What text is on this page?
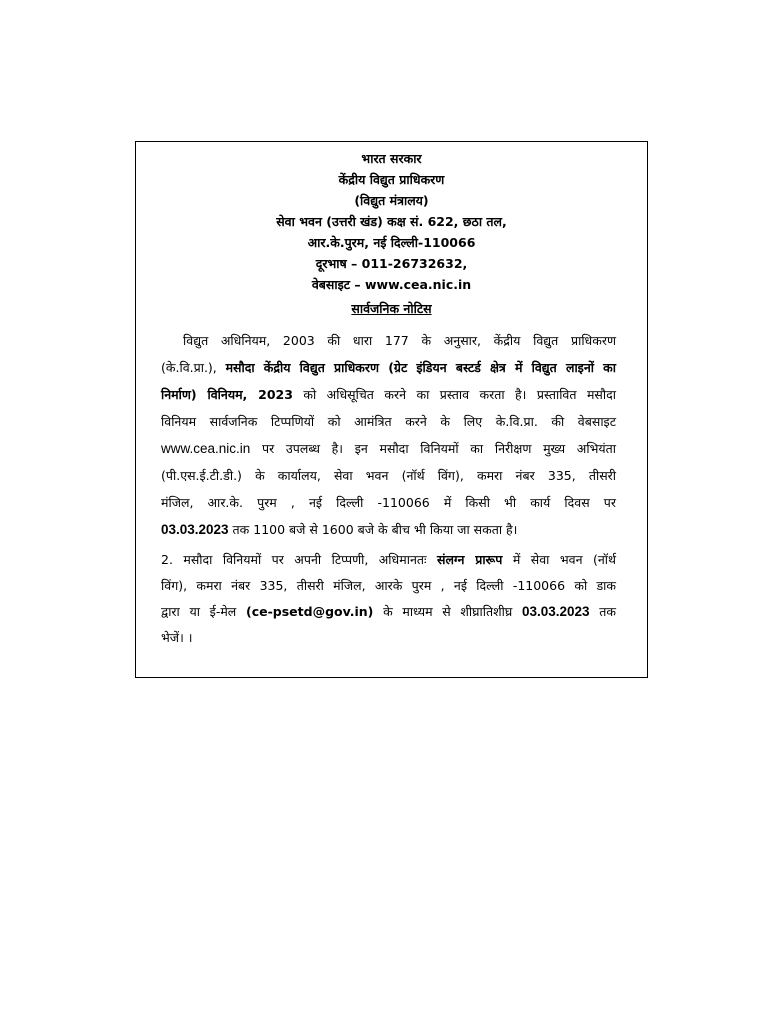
भारत सरकार
केंद्रीय विद्युत प्राधिकरण
(विद्युत मंत्रालय)
सेवा भवन (उत्तरी खंड) कक्ष सं. 622, छठा तल,
आर.के.पुरम, नई दिल्ली-110066
दूरभाष – 011-26732632,
वेबसाइट – www.cea.nic.in
सार्वजनिक नोटिस
विद्युत अधिनियम, 2003 की धारा 177 के अनुसार, केंद्रीय विद्युत प्राधिकरण
(के.वि.प्रा.), मसौदा केंद्रीय विद्युत प्राधिकरण (ग्रेट इंडियन बस्टर्ड क्षेत्र में विद्युत लाइनों का
निर्माण) विनियम, 2023 को अधिसूचित करने का प्रस्ताव करता है। प्रस्तावित मसौदा
विनियम सार्वजनिक टिप्पणियों को आमंत्रित करने के लिए के.वि.प्रा. की वेबसाइट
www.cea.nic.in पर उपलब्ध है। इन मसौदा विनियमों का निरीक्षण मुख्य अभियंता
(पी.एस.ई.टी.डी.) के कार्यालय, सेवा भवन (नॉर्थ विंग), कमरा नंबर 335, तीसरी
मंजिल, आर.के. पुरम , नई दिल्ली -110066 में किसी भी कार्य दिवस पर
03.03.2023 तक 1100 बजे से 1600 बजे के बीच भी किया जा सकता है।
2. मसौदा विनियमों पर अपनी टिप्पणी, अधिमानतः संलग्न प्रारूप में सेवा भवन (नॉर्थ
विंग), कमरा नंबर 335, तीसरी मंजिल, आरके पुरम , नई दिल्ली -110066 को डाक
द्वारा या ई-मेल (ce-psetd@gov.in) के माध्यम से शीघ्रातिशीघ्र 03.03.2023 तक
भेजें। ।
